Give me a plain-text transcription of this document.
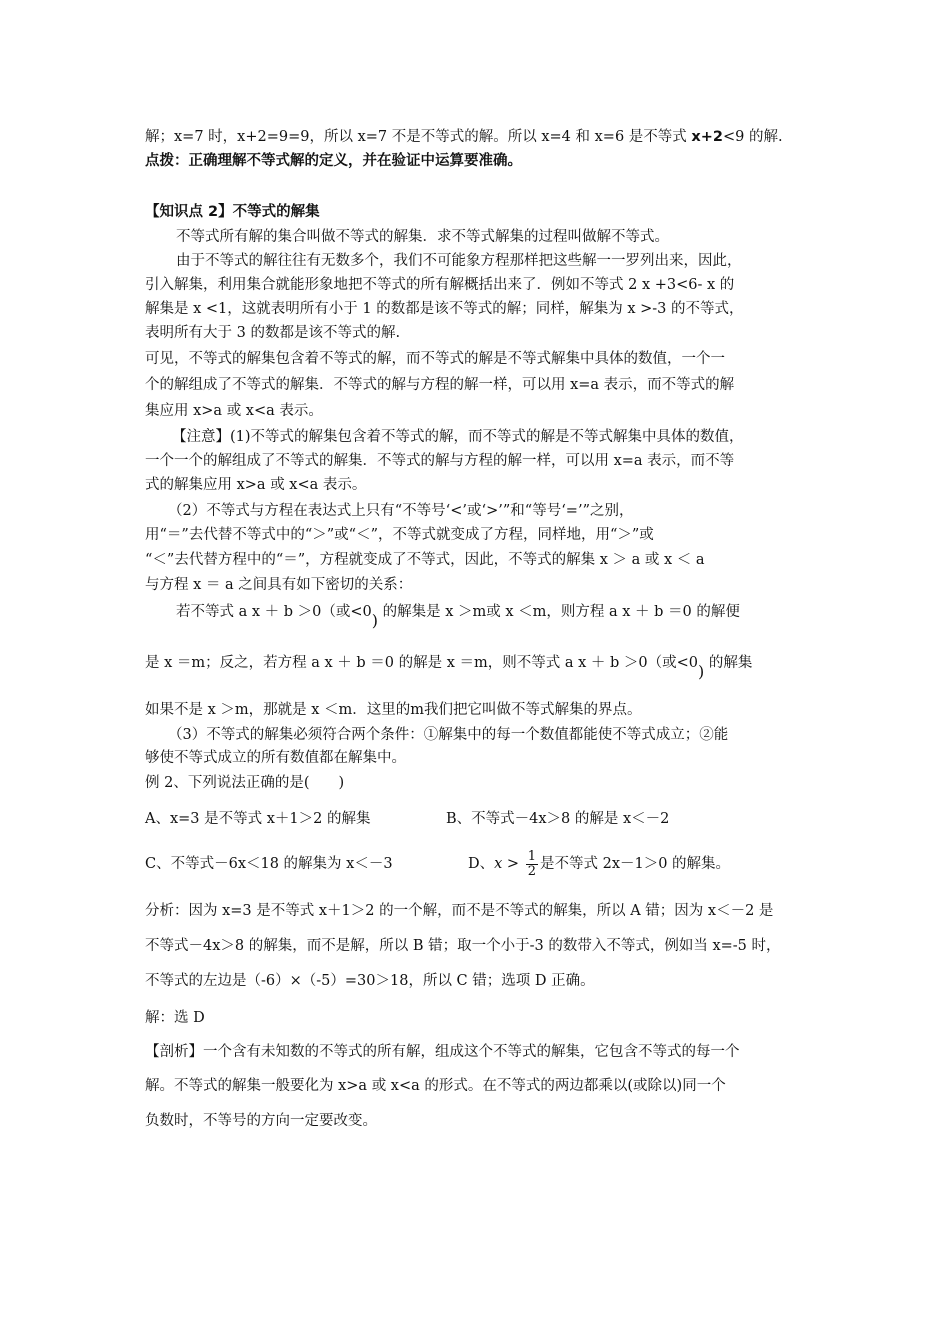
解；x=7 时，x+2=9=9，所以 x=7 不是不等式的解。所以 x=4 和 x=6 是不等式 x+2<9 的解.
点拨：正确理解不等式解的定义，并在验证中运算要准确。
【知识点 2】不等式的解集
不等式所有解的集合叫做不等式的解集．求不等式解集的过程叫做解不等式。
由于不等式的解往往有无数多个，我们不可能象方程那样把这些解一一罗列出来，因此，
引入解集，利用集合就能形象地把不等式的所有解概括出来了．例如不等式 2 x +3<6- x 的
解集是 x <1，这就表明所有小于 1 的数都是该不等式的解；同样，解集为 x >-3 的不等式，
表明所有大于 3 的数都是该不等式的解.
可见，不等式的解集包含着不等式的解，而不等式的解是不等式解集中具体的数值，一个一
个的解组成了不等式的解集．不等式的解与方程的解一样，可以用 x=a 表示，而不等式的解
集应用 x>a 或 x<a 表示。
【注意】(1)不等式的解集包含着不等式的解，而不等式的解是不等式解集中具体的数值，
一个一个的解组成了不等式的解集．不等式的解与方程的解一样，可以用 x=a 表示，而不等
式的解集应用 x>a 或 x<a 表示。
（2）不等式与方程在表达式上只有“不等号‘<’或‘>’”和“等号‘=’”之别，
用“＝”去代替不等式中的“＞”或“＜”，不等式就变成了方程，同样地，用“＞”或
“＜”去代替方程中的“＝”，方程就变成了不等式，因此，不等式的解集 x ＞ a 或 x ＜ a
与方程 x ＝ a 之间具有如下密切的关系：
若不等式 a x ＋ b ＞0（或<0) 的解集是 x ＞m或 x ＜m，则方程 a x ＋ b ＝0 的解便
是 x ＝m；反之，若方程 a x ＋ b ＝0 的解是 x ＝m，则不等式 a x ＋ b ＞0（或<0) 的解集
如果不是 x ＞m，那就是 x ＜m．这里的m我们把它叫做不等式解集的界点。
（3）不等式的解集必须符合两个条件：①解集中的每一个数值都能使不等式成立；②能
够使不等式成立的所有数值都在解集中。
例 2、下列说法正确的是(　　)
A、x=3 是不等式 x＋1＞2 的解集	B、不等式－4x＞8 的解是 x＜－2
C、不等式－6x＜18 的解集为 x＜－3	D、$x > \frac{1}{2}$ 是不等式 2x－1＞0 的解集。
分析：因为 x=3 是不等式 x＋1＞2 的一个解，而不是不等式的解集，所以 A 错；因为 x＜－2 是
不等式－4x＞8 的解集，而不是解，所以 B 错；取一个小于-3 的数带入不等式，例如当 x=-5 时，
不等式的左边是（-6）×（-5）=30＞18，所以 C 错；选项 D 正确。
解：选 D
【剖析】一个含有未知数的不等式的所有解，组成这个不等式的解集，它包含不等式的每一个
解。不等式的解集一般要化为 x>a 或 x<a 的形式。在不等式的两边都乘以(或除以)同一个
负数时，不等号的方向一定要改变。
